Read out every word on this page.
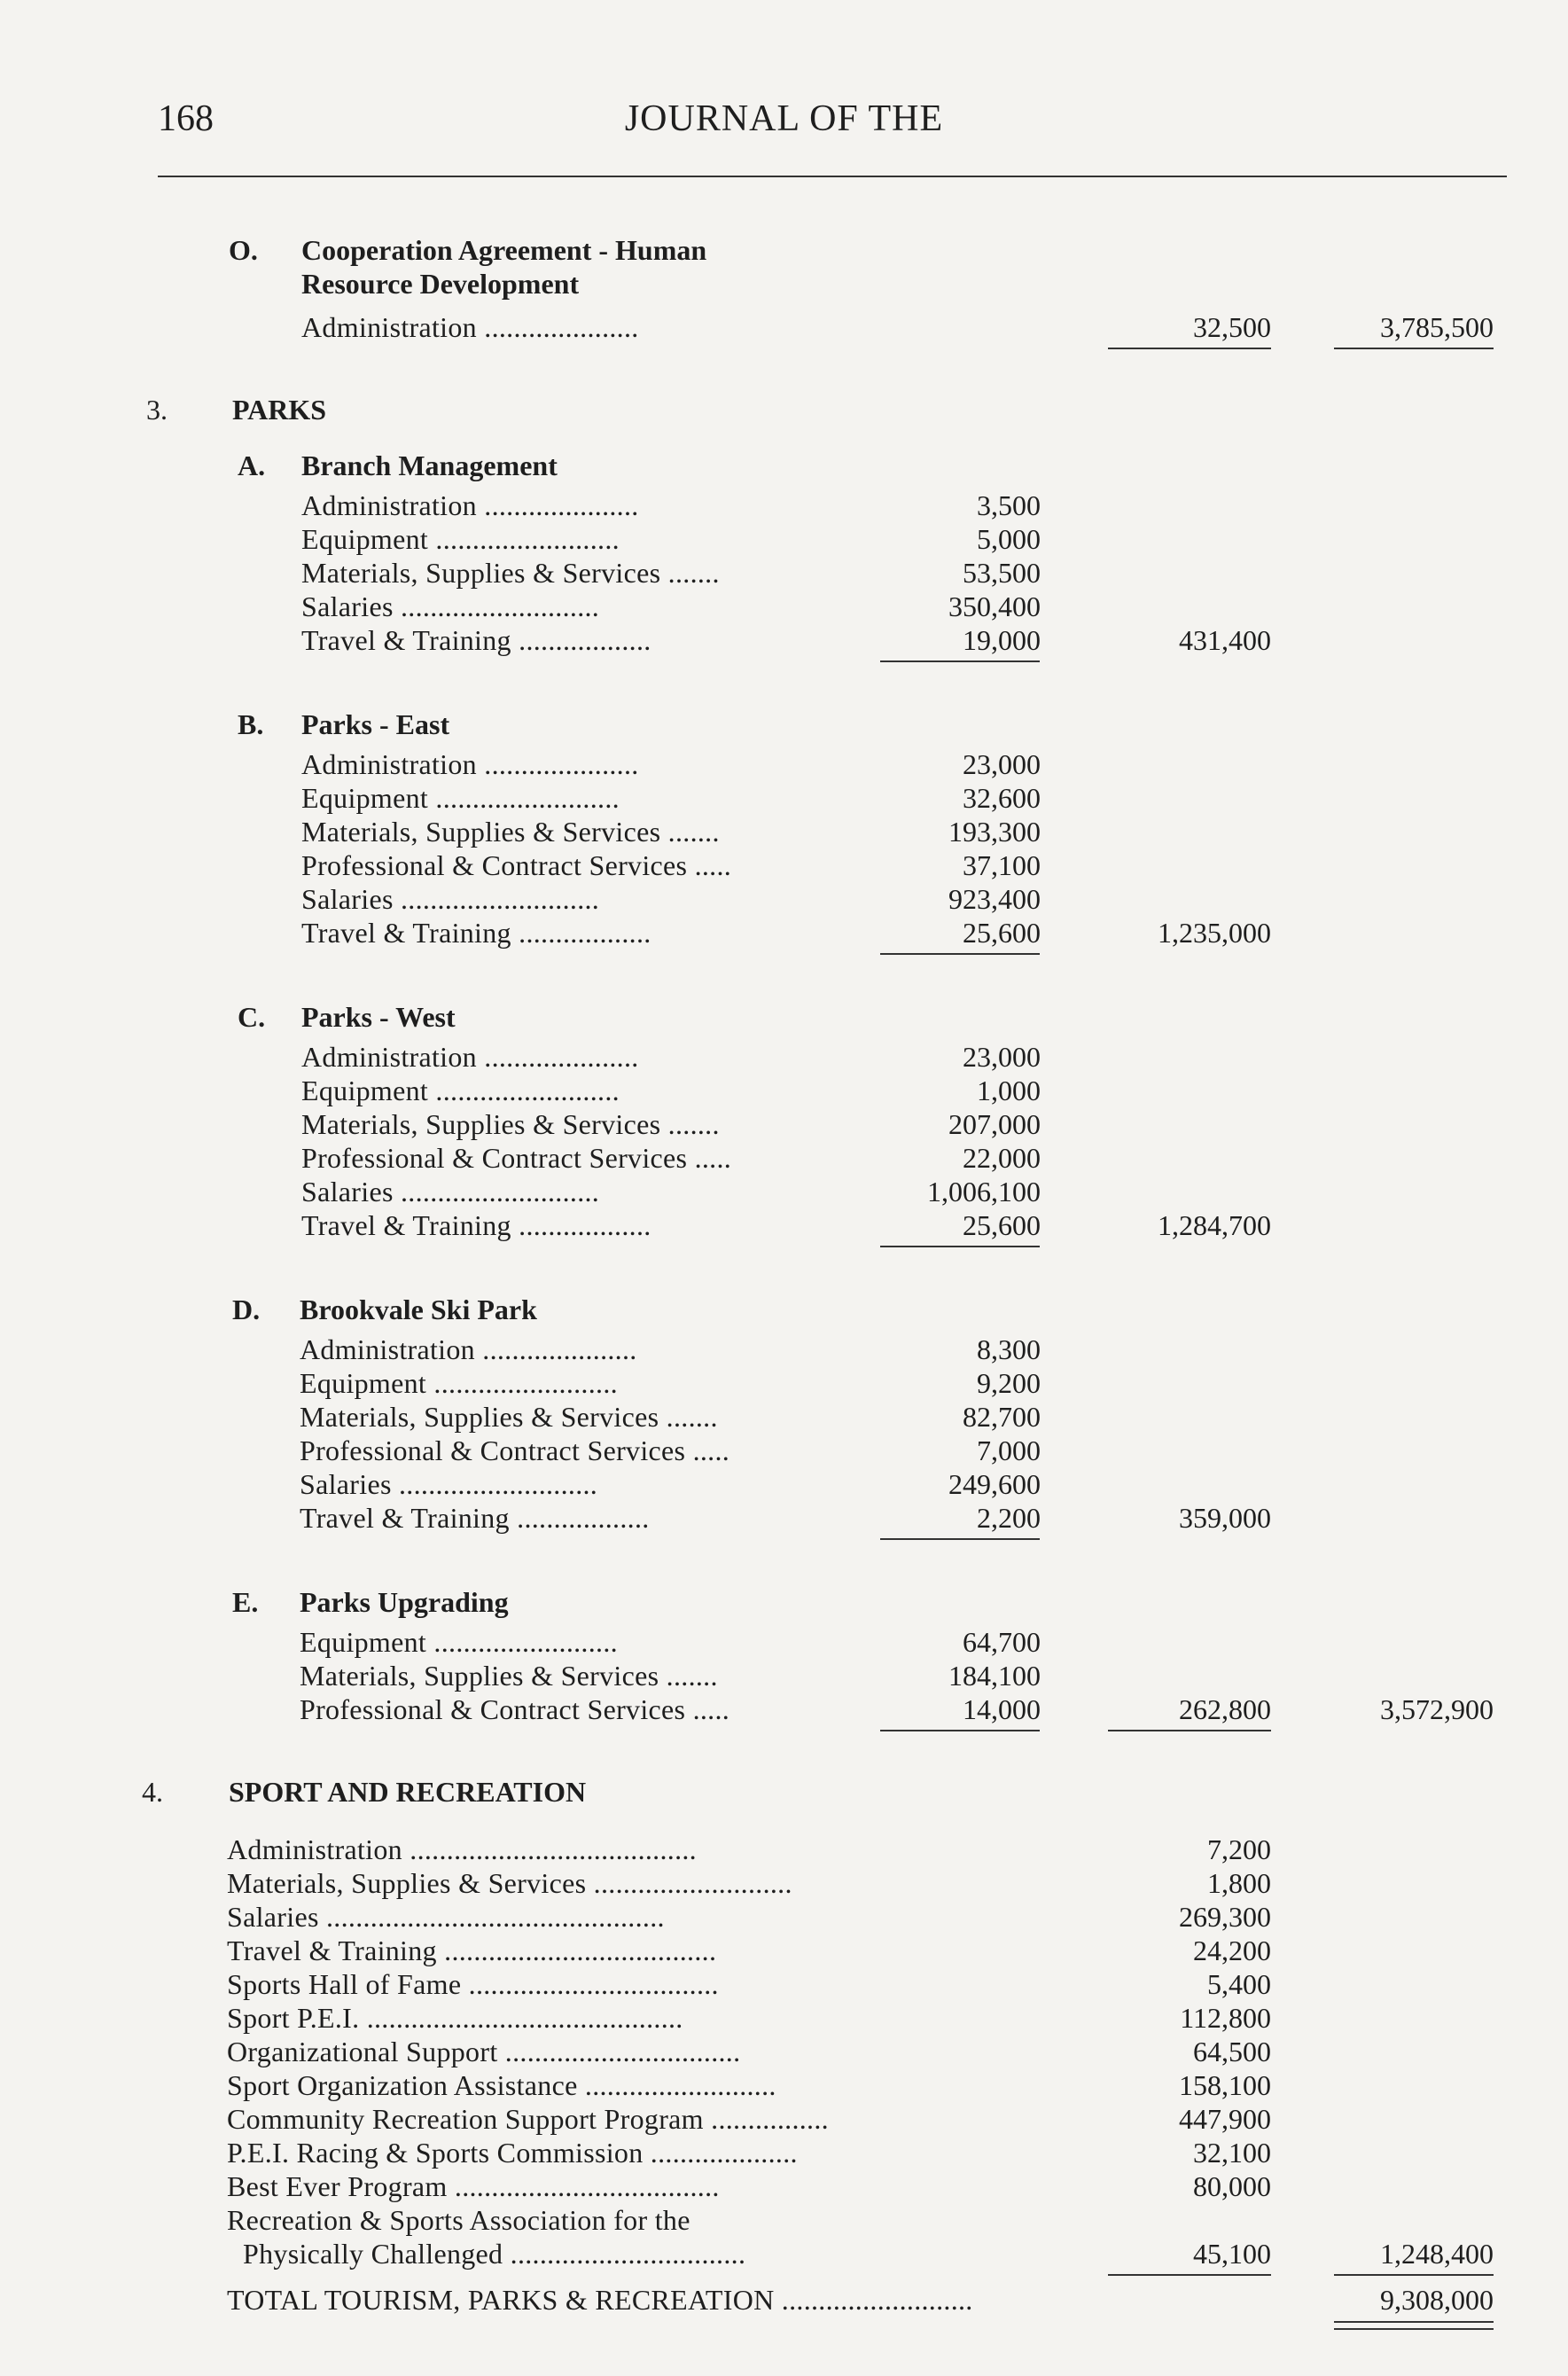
168	JOURNAL OF THE
O. Cooperation Agreement - Human
Resource Development
Administration .....................	32,500	3,785,500
3. PARKS
A. Branch Management
Administration .....................	3,500
Equipment .........................	5,000
Materials, Supplies & Services .......	53,500
Salaries ...........................	350,400
Travel & Training ..................	19,000	431,400
B. Parks - East
Administration .....................	23,000
Equipment .........................	32,600
Materials, Supplies & Services .......	193,300
Professional & Contract Services .....	37,100
Salaries ...........................	923,400
Travel & Training ..................	25,600	1,235,000
C. Parks - West
Administration .....................	23,000
Equipment .........................	1,000
Materials, Supplies & Services .......	207,000
Professional & Contract Services .....	22,000
Salaries ...........................	1,006,100
Travel & Training ..................	25,600	1,284,700
D. Brookvale Ski Park
Administration .....................	8,300
Equipment .........................	9,200
Materials, Supplies & Services .......	82,700
Professional & Contract Services .....	7,000
Salaries ...........................	249,600
Travel & Training ..................	2,200	359,000
E. Parks Upgrading
Equipment .........................	64,700
Materials, Supplies & Services .......	184,100
Professional & Contract Services .....	14,000	262,800	3,572,900
4. SPORT AND RECREATION
Administration .......................................	7,200
Materials, Supplies & Services ...........................	1,800
Salaries ..............................................	269,300
Travel & Training .....................................	24,200
Sports Hall of Fame ..................................	5,400
Sport P.E.I. ...........................................	112,800
Organizational Support ................................	64,500
Sport Organization Assistance ..........................	158,100
Community Recreation Support Program ................	447,900
P.E.I. Racing & Sports Commission ....................	32,100
Best Ever Program ....................................	80,000
Recreation & Sports Association for the
Physically Challenged ................................	45,100	1,248,400
TOTAL TOURISM, PARKS & RECREATION ..........................	9,308,000
